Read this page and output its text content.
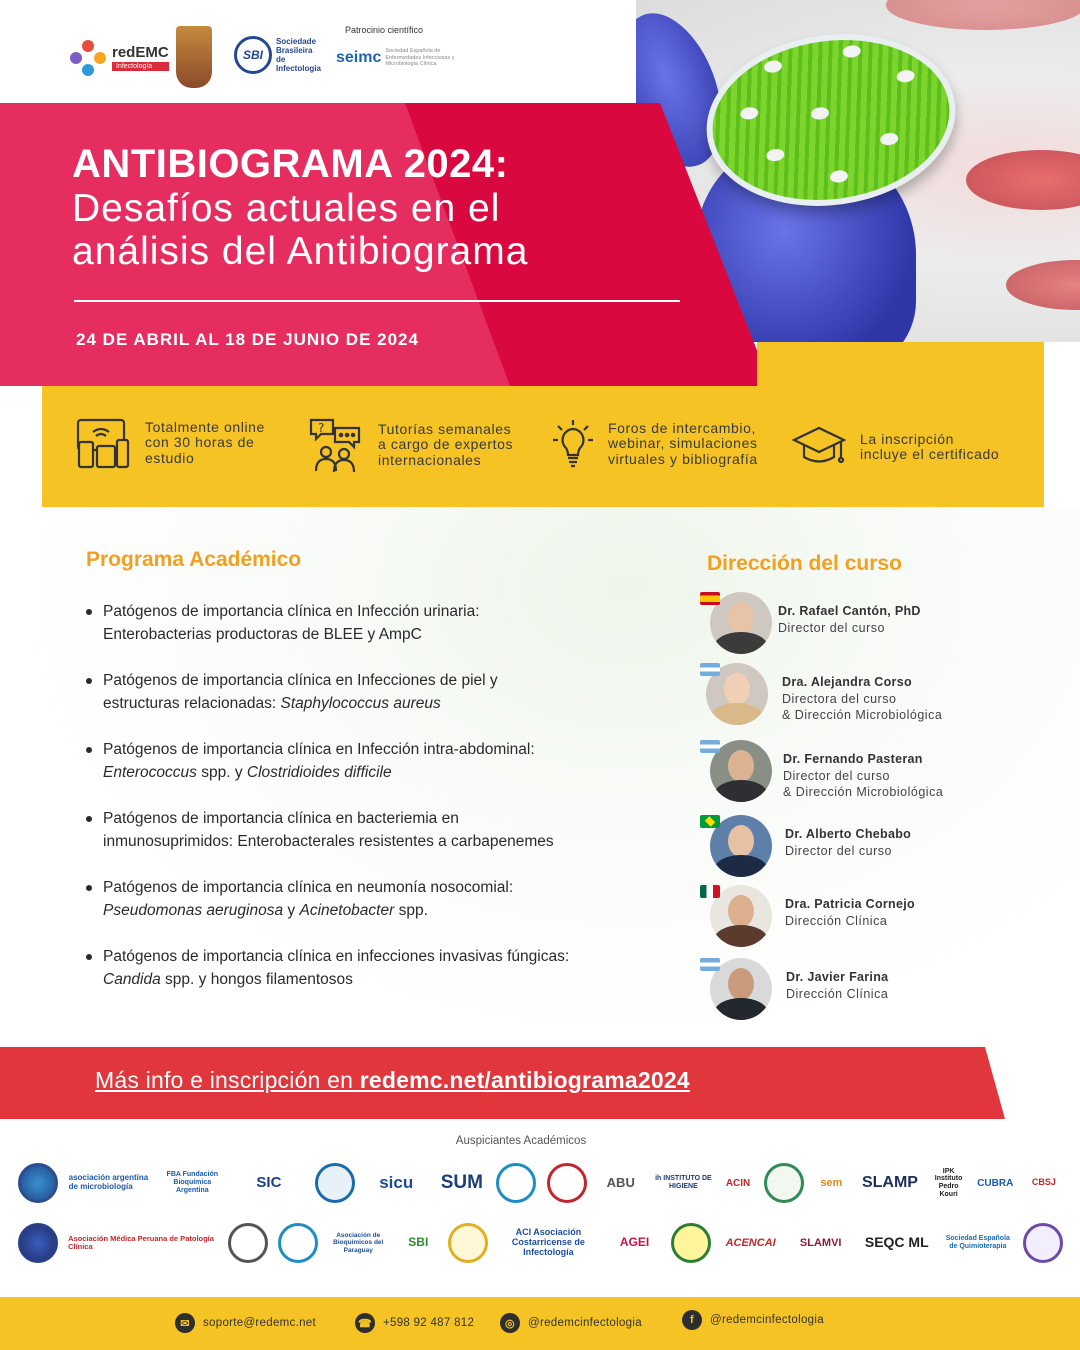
redEMC
Infectología
SBI
Sociedade Brasileira de Infectologia
Patrocinio científico
seimc Sociedad Española de Enfermedades Infecciosas y Microbiología Clínica
ANTIBIOGRAMA 2024:
Desafíos actuales en el
análisis del Antibiograma
24 DE ABRIL AL 18 DE JUNIO DE 2024
Totalmente online
con 30 horas de
estudio
?	Tutorías semanales
a cargo de expertos
internacionales
Foros de intercambio,
webinar, simulaciones
virtuales y bibliografía
La inscripción
incluye el certificado
Programa Académico
Patógenos de importancia clínica en Infección urinaria:
Enterobacterias productoras de BLEE y AmpC
Patógenos de importancia clínica en Infecciones de piel y
estructuras relacionadas: Staphylococcus aureus
Patógenos de importancia clínica en Infección intra-abdominal:
Enterococcus spp. y Clostridioides difficile
Patógenos de importancia clínica en bacteriemia en
inmunosuprimidos: Enterobacterales resistentes a carbapenemes
Patógenos de importancia clínica en neumonía nosocomial:
Pseudomonas aeruginosa y Acinetobacter spp.
Patógenos de importancia clínica en infecciones invasivas fúngicas:
Candida spp. y hongos filamentosos
Dirección del curso
Dr. Rafael Cantón, PhD
Director del curso
Dra. Alejandra Corso
Directora del curso
& Dirección Microbiológica
Dr. Fernando Pasteran
Director del curso
& Dirección Microbiológica
Dr. Alberto Chebabo
Director del curso
Dra. Patricia Cornejo
Dirección Clínica
Dr. Javier Farina
Dirección Clínica
Más info e inscripción en redemc.net/antibiograma2024
Auspiciantes Académicos
asociación argentina de microbiología
FBA Fundación Bioquímica Argentina	SIC	sicu	SUM	ABU	ih INSTITUTO DE HIGIENE	ACIN	sem	SLAMP
IPK Instituto Pedro Kourí
CUBRA	CBSJ
Asociación Médica Peruana de Patología Clínica
Asociación de Bioquímicos del Paraguay
SBI
ACI Asociación Costarricense de Infectología
AGEI	ACENCAI	SLAMVI	SEQC ML	Sociedad Española de Quimioterapia
✉	soporte@redemc.net	☎ +598 92 487 812	◎	@redemcinfectologia	f	@redemcinfectologia
